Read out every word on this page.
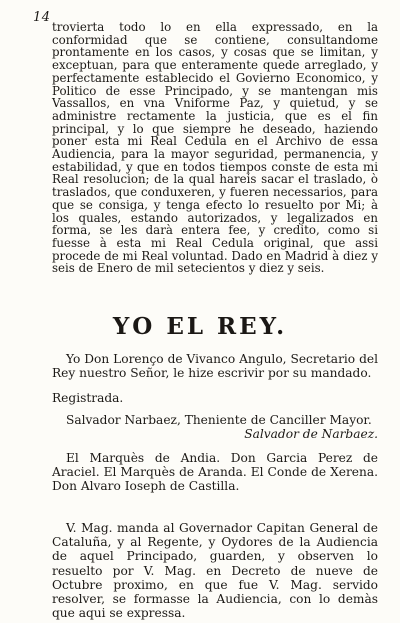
14

trovierta todo lo en ella expressado, en la conformidad que se contiene, consultandome prontamente en los casos, y cosas que se limitan, y exceptuan, para que enteramente quede arreglado, y perfectamente establecido el Govierno Economico, y Politico de esse Principado, y se mantengan mis Vassallos, en vna Vniforme Paz, y quietud, y se administre rectamente la justicia, que es el fin principal, y lo que siempre he deseado, haziendo poner esta mi Real Cedula en el Archivo de essa Audiencia, para la mayor seguridad, permanencia, y estabilidad, y que en todos tiempos conste de esta mi Real resolucion; de la qual hareis sacar el traslado, ò traslados, que conduxeren, y fueren necessarios, para que se consiga, y tenga efecto lo resuelto por Mi; à los quales, estando autorizados, y legalizados en forma, se les darà entera fee, y credito, como si fuesse à esta mi Real Cedula original, que assi procede de mi Real voluntad. Dado en Madrid à diez y seis de Enero de mil setecientos y diez y seis.

YO EL REY.

Yo Don Lorenço de Vivanco Angulo, Secretario del Rey nuestro Señor, le hize escrivir por su mandado.

Registrada.
Salvador Narbaez, Theniente de Canciller Mayor.
Salvador de Narbaez.

El Marquès de Andia. Don Garcia Perez de Araciel. El Marquès de Aranda. El Conde de Xerena. Don Alvaro Ioseph de Castilla.

V. Mag. manda al Governador Capitan General de Cataluña, y al Regente, y Oydores de la Audiencia de aquel Principado, guarden, y observen lo resuelto por V. Mag. en Decreto de nueve de Octubre proximo, en que fue V. Mag. servido resolver, se formasse la Audiencia, con lo demàs que aqui se expressa.
